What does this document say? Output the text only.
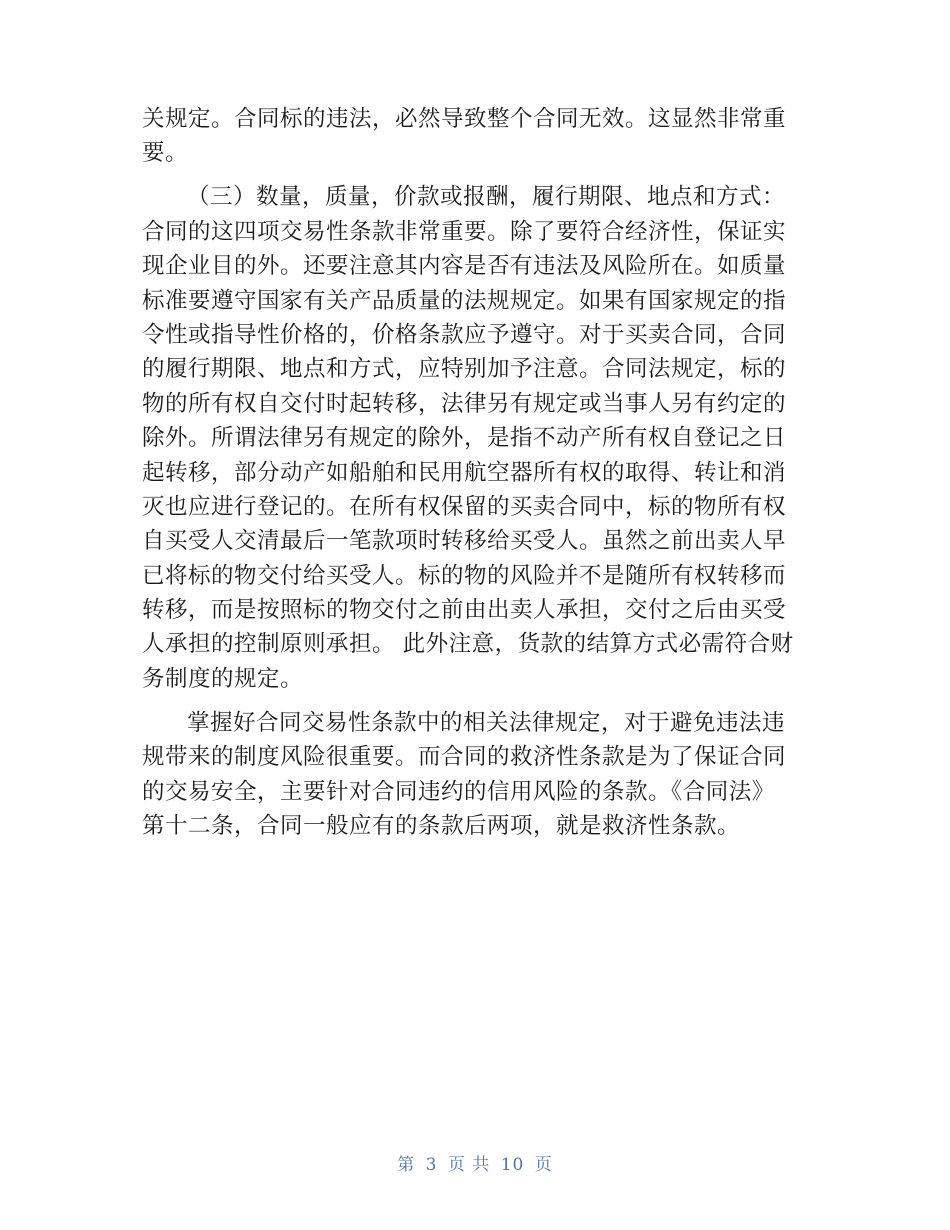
关规定。合同标的违法，必然导致整个合同无效。这显然非常重
要。
（三）数量，质量，价款或报酬，履行期限、地点和方式：
合同的这四项交易性条款非常重要。除了要符合经济性，保证实
现企业目的外。还要注意其内容是否有违法及风险所在。如质量
标准要遵守国家有关产品质量的法规规定。如果有国家规定的指
令性或指导性价格的，价格条款应予遵守。对于买卖合同，合同
的履行期限、地点和方式，应特别加予注意。合同法规定，标的
物的所有权自交付时起转移，法律另有规定或当事人另有约定的
除外。所谓法律另有规定的除外，是指不动产所有权自登记之日
起转移，部分动产如船舶和民用航空器所有权的取得、转让和消
灭也应进行登记的。在所有权保留的买卖合同中，标的物所有权
自买受人交清最后一笔款项时转移给买受人。虽然之前出卖人早
已将标的物交付给买受人。标的物的风险并不是随所有权转移而
转移，而是按照标的物交付之前由出卖人承担，交付之后由买受
人承担的控制原则承担。 此外注意，货款的结算方式必需符合财
务制度的规定。
掌握好合同交易性条款中的相关法律规定，对于避免违法违
规带来的制度风险很重要。而合同的救济性条款是为了保证合同
的交易安全，主要针对合同违约的信用风险的条款。《合同法》
第十二条，合同一般应有的条款后两项，就是救济性条款。
第 3 页 共 10 页
